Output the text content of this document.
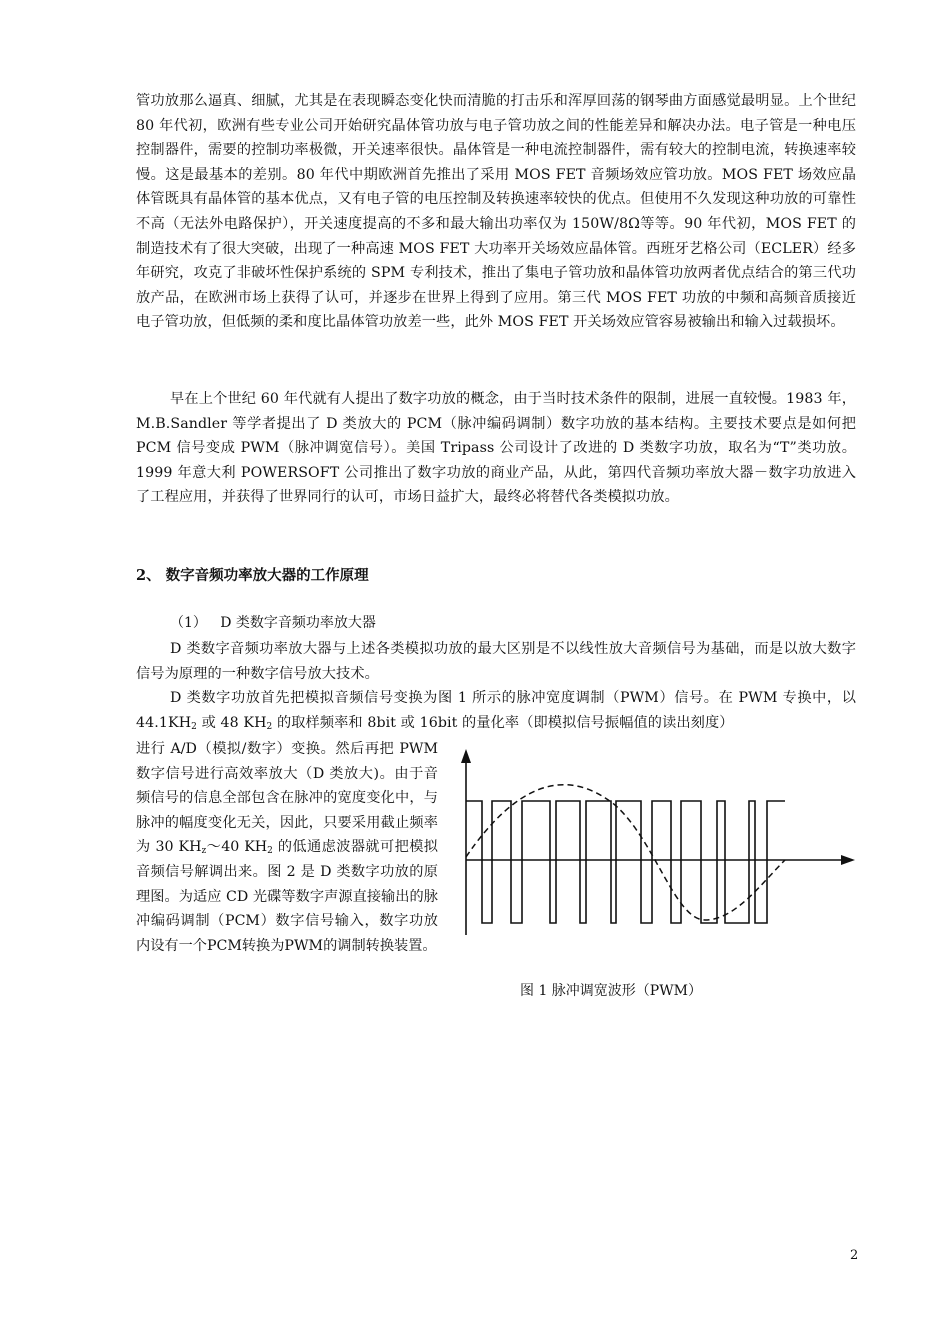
管功放那么逼真、细腻，尤其是在表现瞬态变化快而清脆的打击乐和浑厚回荡的钢琴曲方面感觉最明显。上个世纪 80 年代初，欧洲有些专业公司开始研究晶体管功放与电子管功放之间的性能差异和解决办法。电子管是一种电压控制器件，需要的控制功率极微，开关速率很快。晶体管是一种电流控制器件，需有较大的控制电流，转换速率较慢。这是最基本的差别。80 年代中期欧洲首先推出了采用 MOS FET 音频场效应管功放。MOS FET 场效应晶体管既具有晶体管的基本优点，又有电子管的电压控制及转换速率较快的优点。但使用不久发现这种功放的可靠性不高（无法外电路保护），开关速度提高的不多和最大输出功率仅为 150W/8Ω等等。90 年代初，MOS FET 的制造技术有了很大突破，出现了一种高速 MOS FET 大功率开关场效应晶体管。西班牙艺格公司（ECLER）经多年研究，攻克了非破坏性保护系统的 SPM 专利技术，推出了集电子管功放和晶体管功放两者优点结合的第三代功放产品，在欧洲市场上获得了认可，并逐步在世界上得到了应用。第三代 MOS FET 功放的中频和高频音质接近电子管功放，但低频的柔和度比晶体管功放差一些，此外 MOS FET 开关场效应管容易被输出和输入过载损坏。

早在上个世纪 60 年代就有人提出了数字功放的概念，由于当时技术条件的限制，进展一直较慢。1983 年，M.B.Sandler 等学者提出了 D 类放大的 PCM（脉冲编码调制）数字功放的基本结构。主要技术要点是如何把 PCM 信号变成 PWM（脉冲调宽信号）。美国 Tripass 公司设计了改进的 D 类数字功放，取名为“T”类功放。1999 年意大利 POWERSOFT 公司推出了数字功放的商业产品，从此，第四代音频功率放大器－数字功放进入了工程应用，并获得了世界同行的认可，市场日益扩大，最终必将替代各类模拟功放。

2、 数字音频功率放大器的工作原理

（1）   D 类数字音频功率放大器

D 类数字音频功率放大器与上述各类模拟功放的最大区别是不以线性放大音频信号为基础，而是以放大数字信号为原理的一种数字信号放大技术。

D 类数字功放首先把模拟音频信号变换为图 1 所示的脉冲宽度调制（PWM）信号。在 PWM 专换中，以 $44.1KH_2$ 或 48 $KH_2$ 的取样频率和 8bit 或 16bit 的量化率（即模拟信号振幅值的读出刻度）

进行 A/D（模拟/数字）变换。然后再把 PWM 数字信号进行高效率放大（D 类放大)。由于音频信号的信息全部包含在脉冲的宽度变化中，与脉冲的幅度变化无关，因此，只要采用截止频率为 30 $KH_z\sim 40$ $KH_2$ 的低通虑波器就可把模拟音频信号解调出来。图 2 是 D 类数字功放的原理图。为适应 CD 光碟等数字声源直接输出的脉冲编码调制（PCM）数字信号输入，数字功放内设有一个PCM转换为PWM的调制转换装置。

图 1 脉冲调宽波形（PWM）

2
